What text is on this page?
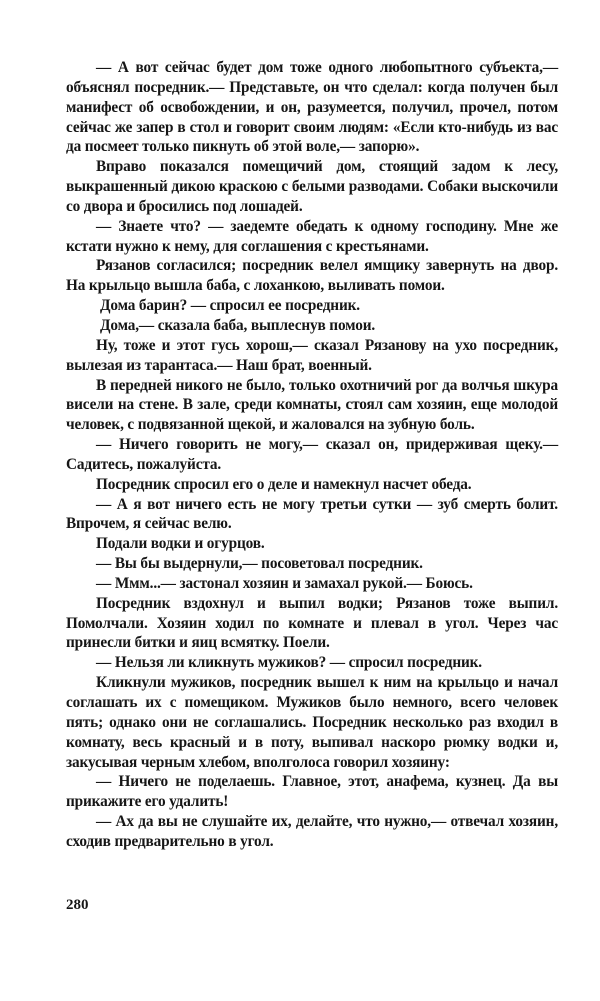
— А вот сейчас будет дом тоже одного любопытного субъекта,— объяснял посредник.— Представьте, он что сделал: когда получен был манифест об освобождении, и он, разумеется, получил, прочел, потом сейчас же запер в стол и говорит своим людям: «Если кто-нибудь из вас да посмеет только пикнуть об этой воле,— запорю».

Вправо показался помещичий дом, стоящий задом к лесу, выкрашенный дикою краскою с белыми разводами. Собаки выскочили со двора и бросились под лошадей.

— Знаете что? — заедемте обедать к одному господину. Мне же кстати нужно к нему, для соглашения с крестьянами.

Рязанов согласился; посредник велел ямщику завернуть на двор. На крыльцо вышла баба, с лоханкою, выливать помои.

Дома барин? — спросил ее посредник.

Дома,— сказала баба, выплеснув помои.

Ну, тоже и этот гусь хорош,— сказал Рязанову на ухо посредник, вылезая из тарантаса.— Наш брат, военный.

В передней никого не было, только охотничий рог да волчья шкура висели на стене. В зале, среди комнаты, стоял сам хозяин, еще молодой человек, с подвязанной щекой, и жаловался на зубную боль.

— Ничего говорить не могу,— сказал он, придерживая щеку.— Садитесь, пожалуйста.

Посредник спросил его о деле и намекнул насчет обеда.

— А я вот ничего есть не могу третьи сутки — зуб смерть болит. Впрочем, я сейчас велю.

Подали водки и огурцов.

— Вы бы выдернули,— посоветовал посредник.

— Ммм...— застонал хозяин и замахал рукой.— Боюсь.

Посредник вздохнул и выпил водки; Рязанов тоже выпил. Помолчали. Хозяин ходил по комнате и плевал в угол. Через час принесли битки и яиц всмятку. Поели.

— Нельзя ли кликнуть мужиков? — спросил посредник.

Кликнули мужиков, посредник вышел к ним на крыльцо и начал соглашать их с помещиком. Мужиков было немного, всего человек пять; однако они не соглашались. Посредник несколько раз входил в комнату, весь красный и в поту, выпивал наскоро рюмку водки и, закусывая черным хлебом, вполголоса говорил хозяину:

— Ничего не поделаешь. Главное, этот, анафема, кузнец. Да вы прикажите его удалить!

— Ах да вы не слушайте их, делайте, что нужно,— отвечал хозяин, сходив предварительно в угол.

280
